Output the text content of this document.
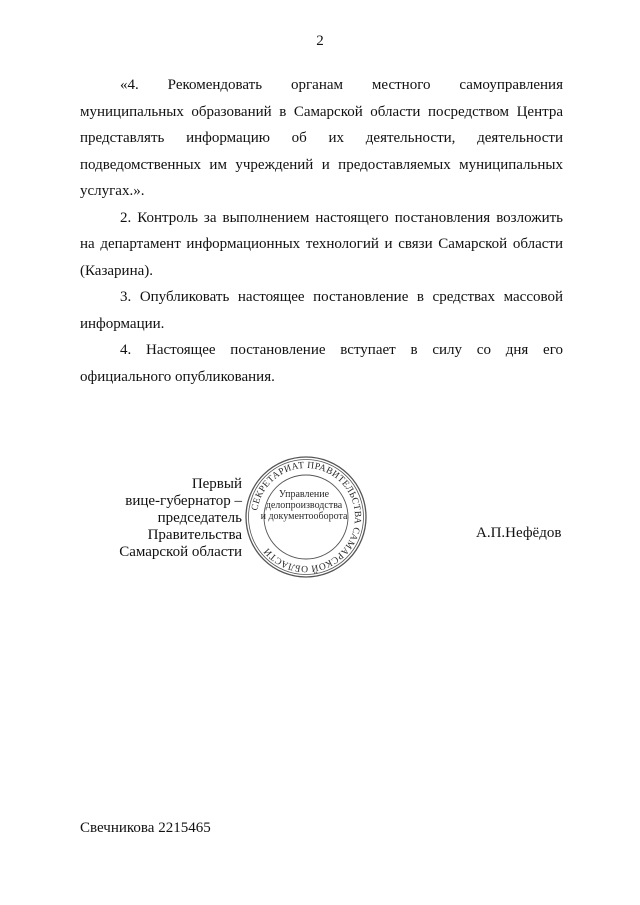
2

«4. Рекомендовать органам местного самоуправления муниципальных образований в Самарской области посредством Центра представлять информацию об их деятельности, деятельности подведомственных им учреждений и предоставляемых муниципальных услугах.».

2. Контроль за выполнением настоящего постановления возложить на департамент информационных технологий и связи Самарской области (Казарина).

3. Опубликовать настоящее постановление в средствах массовой информации.

4. Настоящее постановление вступает в силу со дня его официального опубликования.

Первый
вице-губернатор –
председатель Правительства
Самарской области
СЕКРЕТАРИАТ ПРАВИТЕЛЬСТВА САМАРСКОЙ ОБЛАСТИ
Управление
делопроизводства
и документооборота
А.П.Нефёдов
Свечникова 2215465
